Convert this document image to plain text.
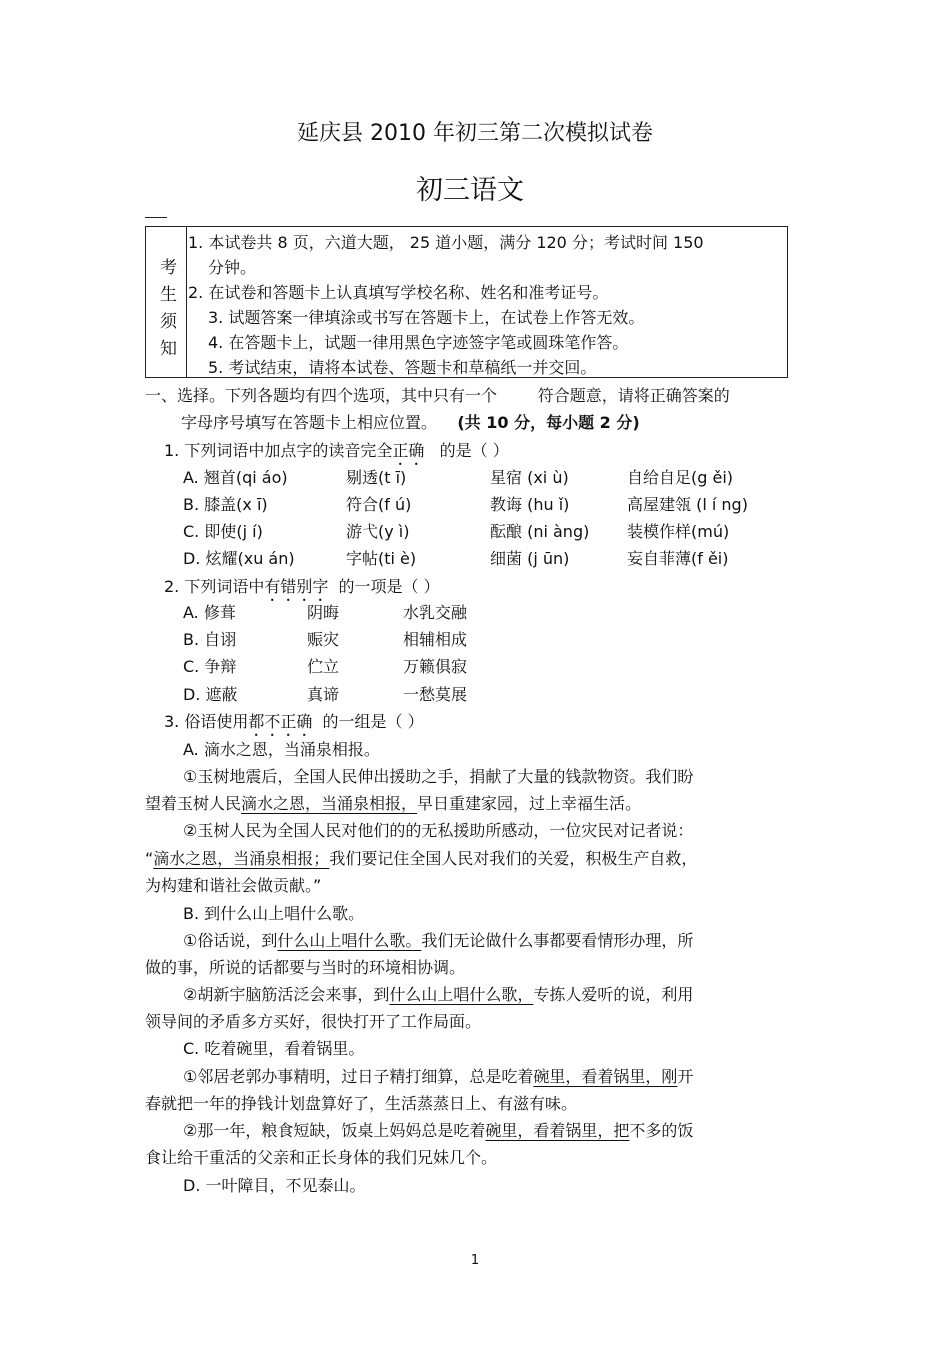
延庆县 2010 年初三第二次模拟试卷
初三语文
考
生
须
知
1. 本试卷共 8 页，六道大题， 25 道小题，满分 120 分；考试时间 150
分钟。
2. 在试卷和答题卡上认真填写学校名称、姓名和准考证号。
3. 试题答案一律填涂或书写在答题卡上，在试卷上作答无效。
4. 在答题卡上，试题一律用黑色字迹签字笔或圆珠笔作答。
5. 考试结束，请将本试卷、答题卡和草稿纸一并交回。
一、选择。下列各题均有四个选项，其中只有一个	符合题意，请将正确答案的
字母序号填写在答题卡上相应位置。 (共 10 分，每小题 2 分)
1. 下列词语中加点字的读音完全正确 的是（ ）
A. 翘首(qi áo)	剔透(t ī)	星宿 (xi ù)	自给自足(g ěi)
B. 膝盖(x ī)	符合(f ú)	教诲 (hu ǐ)	高屋建瓴 (l í ng)
C. 即使(j í)	游弋(y ì)	酝酿 (ni àng) 装模作样(mú)
D. 炫耀(xu án)	字帖(ti è)	细菌 (j ūn)	妄自菲薄(f ěi)
2. 下列词语中有错别字 的一项是（ ）
A. 修葺	阴晦	水乳交融
B. 自诩	赈灾	相辅相成
C. 争辩	伫立	万籁俱寂
D. 遮蔽	真谛	一愁莫展
3. 俗语使用都不正确 的一组是（ ）
A. 滴水之恩，当涌泉相报。
①玉树地震后，全国人民伸出援助之手，捐献了大量的钱款物资。我们盼
望着玉树人民滴水之恩，当涌泉相报，早日重建家园，过上幸福生活。
②玉树人民为全国人民对他们的的无私援助所感动，一位灾民对记者说：
“滴水之恩，当涌泉相报；我们要记住全国人民对我们的关爱，积极生产自救，
为构建和谐社会做贡献。”
B. 到什么山上唱什么歌。
①俗话说，到什么山上唱什么歌。我们无论做什么事都要看情形办理，所
做的事，所说的话都要与当时的环境相协调。
②胡新宇脑筋活泛会来事，到什么山上唱什么歌，专拣人爱听的说，利用
领导间的矛盾多方买好，很快打开了工作局面。
C. 吃着碗里，看着锅里。
①邻居老郭办事精明，过日子精打细算，总是吃着碗里，看着锅里，刚开
春就把一年的挣钱计划盘算好了，生活蒸蒸日上、有滋有味。
②那一年，粮食短缺，饭桌上妈妈总是吃着碗里，看着锅里，把不多的饭
食让给干重活的父亲和正长身体的我们兄妹几个。
D. 一叶障目，不见泰山。
1
